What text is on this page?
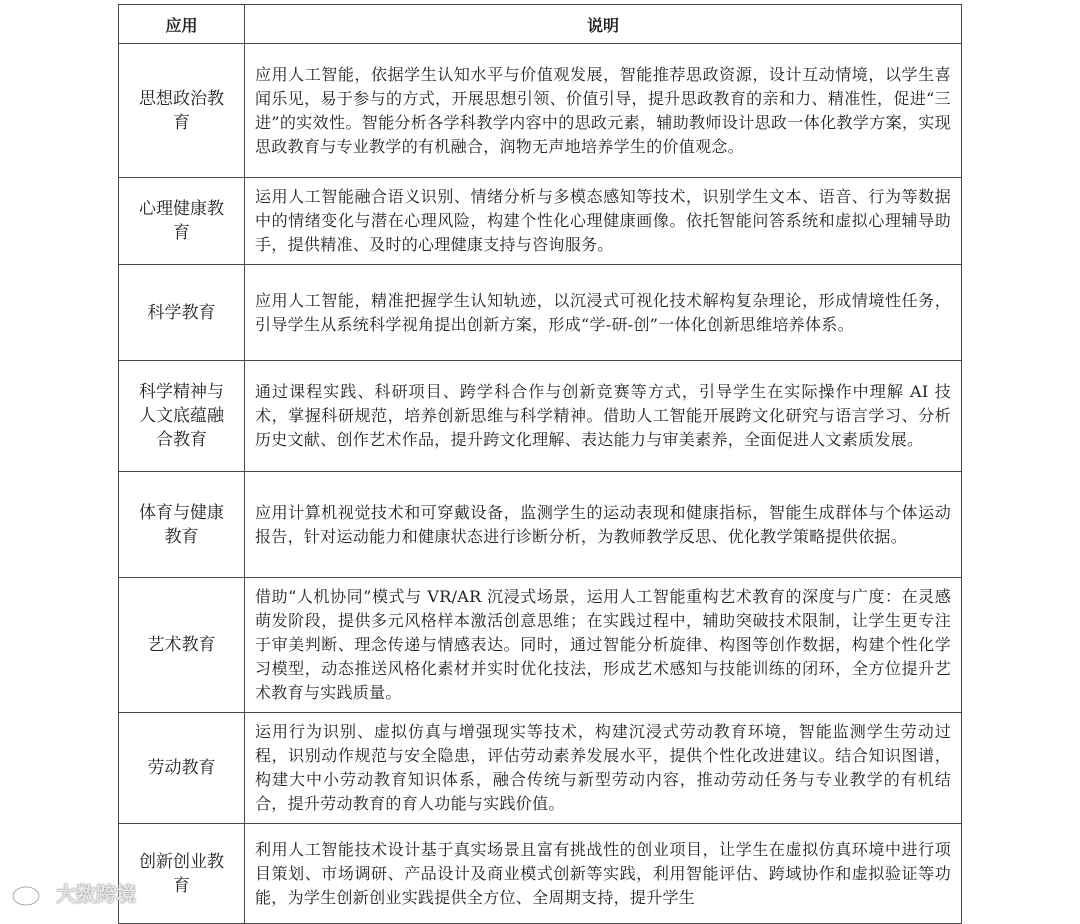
应用	说明
思想政治教育	应用人工智能，依据学生认知水平与价值观发展，智能推荐思政资源，设计互动情境，以学生喜闻乐见，易于参与的方式，开展思想引领、价值引导，提升思政教育的亲和力、精准性，促进“三进”的实效性。智能分析各学科教学内容中的思政元素，辅助教师设计思政一体化教学方案，实现思政教育与专业教学的有机融合，润物无声地培养学生的价值观念。
心理健康教育	运用人工智能融合语义识别、情绪分析与多模态感知等技术，识别学生文本、语音、行为等数据中的情绪变化与潜在心理风险，构建个性化心理健康画像。依托智能问答系统和虚拟心理辅导助手，提供精准、及时的心理健康支持与咨询服务。
科学教育	应用人工智能，精准把握学生认知轨迹，以沉浸式可视化技术解构复杂理论，形成情境性任务，引导学生从系统科学视角提出创新方案，形成“学-研-创”一体化创新思维培养体系。
科学精神与人文底蕴融合教育	通过课程实践、科研项目、跨学科合作与创新竞赛等方式，引导学生在实际操作中理解 AI 技术，掌握科研规范，培养创新思维与科学精神。借助人工智能开展跨文化研究与语言学习、分析历史文献、创作艺术作品，提升跨文化理解、表达能力与审美素养，全面促进人文素质发展。
体育与健康教育	应用计算机视觉技术和可穿戴设备，监测学生的运动表现和健康指标，智能生成群体与个体运动报告，针对运动能力和健康状态进行诊断分析，为教师教学反思、优化教学策略提供依据。
艺术教育	借助“人机协同”模式与 VR/AR 沉浸式场景，运用人工智能重构艺术教育的深度与广度：在灵感萌发阶段，提供多元风格样本激活创意思维；在实践过程中，辅助突破技术限制，让学生更专注于审美判断、理念传递与情感表达。同时，通过智能分析旋律、构图等创作数据，构建个性化学习模型，动态推送风格化素材并实时优化技法，形成艺术感知与技能训练的闭环，全方位提升艺术教育与实践质量。
劳动教育	运用行为识别、虚拟仿真与增强现实等技术，构建沉浸式劳动教育环境，智能监测学生劳动过程，识别动作规范与安全隐患，评估劳动素养发展水平，提供个性化改进建议。结合知识图谱，构建大中小劳动教育知识体系，融合传统与新型劳动内容，推动劳动任务与专业教学的有机结合，提升劳动教育的育人功能与实践价值。
创新创业教育	利用人工智能技术设计基于真实场景且富有挑战性的创业项目，让学生在虚拟仿真环境中进行项目策划、市场调研、产品设计及商业模式创新等实践，利用智能评估、跨域协作和虚拟验证等功能，为学生创新创业实践提供全方位、全周期支持，提升学生
大数跨境
